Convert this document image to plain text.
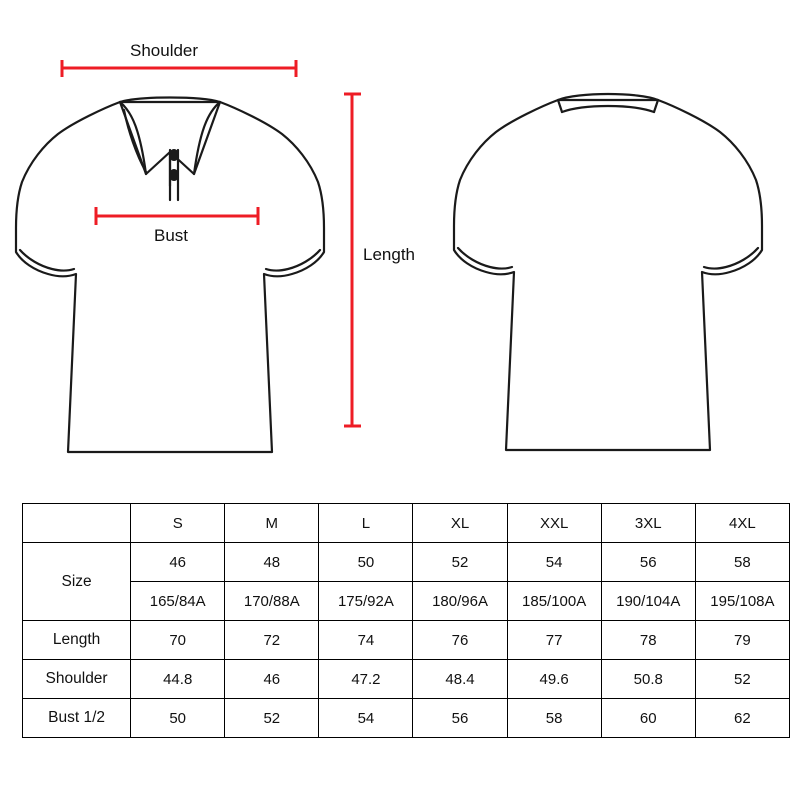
Shoulder
Bust
Length
	S	M	L	XL	XXL	3XL	4XL
Size	46	48	50	52	54	56	58
	165/84A	170/88A	175/92A	180/96A	185/100A	190/104A	195/108A
Length	70	72	74	76	77	78	79
Shoulder	44.8	46	47.2	48.4	49.6	50.8	52
Bust 1/2	50	52	54	56	58	60	62
